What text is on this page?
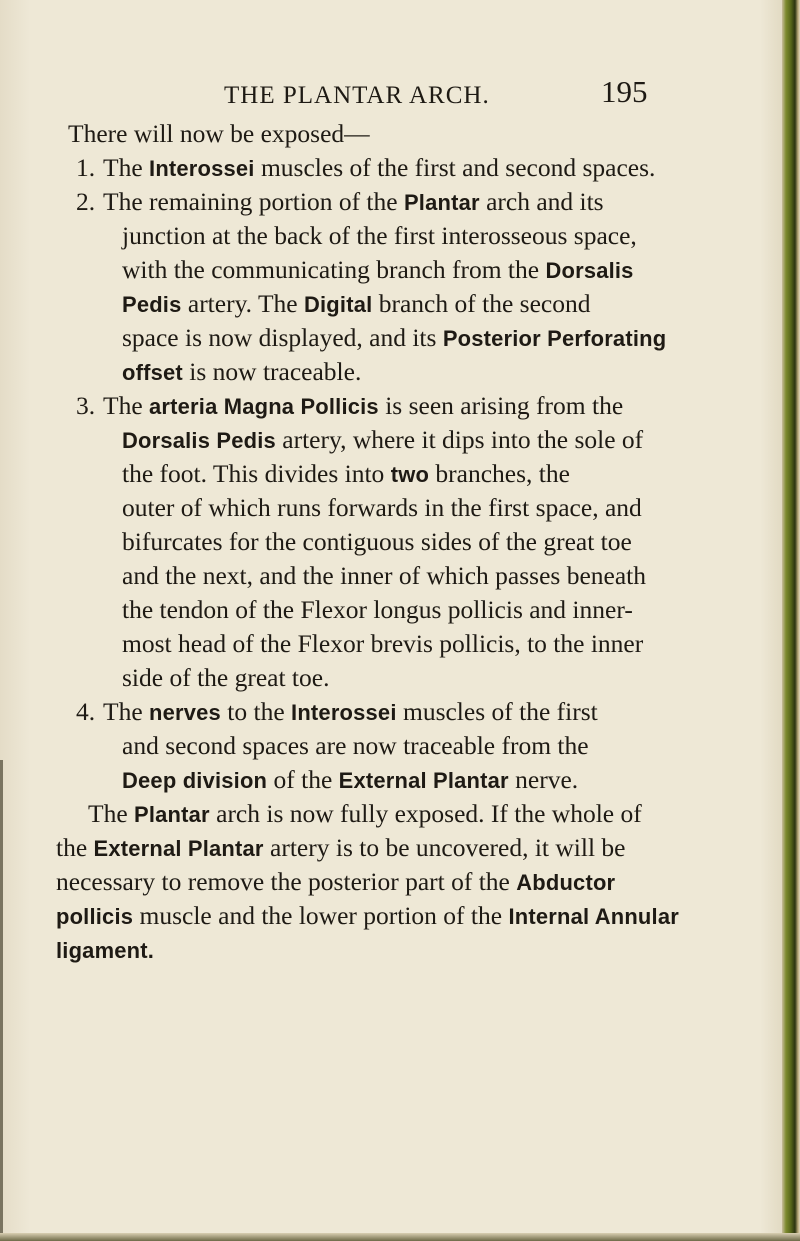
THE PLANTAR ARCH.	195
There will now be exposed—
1. The Interossei muscles of the first and second spaces.
2. The remaining portion of the Plantar arch and its
junction at the back of the first interosseous space,
with the communicating branch from the Dorsalis
Pedis artery. The Digital branch of the second
space is now displayed, and its Posterior Perforating
offset is now traceable.
3. The arteria Magna Pollicis is seen arising from the
Dorsalis Pedis artery, where it dips into the sole of
the foot. This divides into two branches, the
outer of which runs forwards in the first space, and
bifurcates for the contiguous sides of the great toe
and the next, and the inner of which passes beneath
the tendon of the Flexor longus pollicis and inner-
most head of the Flexor brevis pollicis, to the inner
side of the great toe.
4. The nerves to the Interossei muscles of the first
and second spaces are now traceable from the
Deep division of the External Plantar nerve.
The Plantar arch is now fully exposed. If the whole of
the External Plantar artery is to be uncovered, it will be
necessary to remove the posterior part of the Abductor
pollicis muscle and the lower portion of the Internal Annular
ligament.
